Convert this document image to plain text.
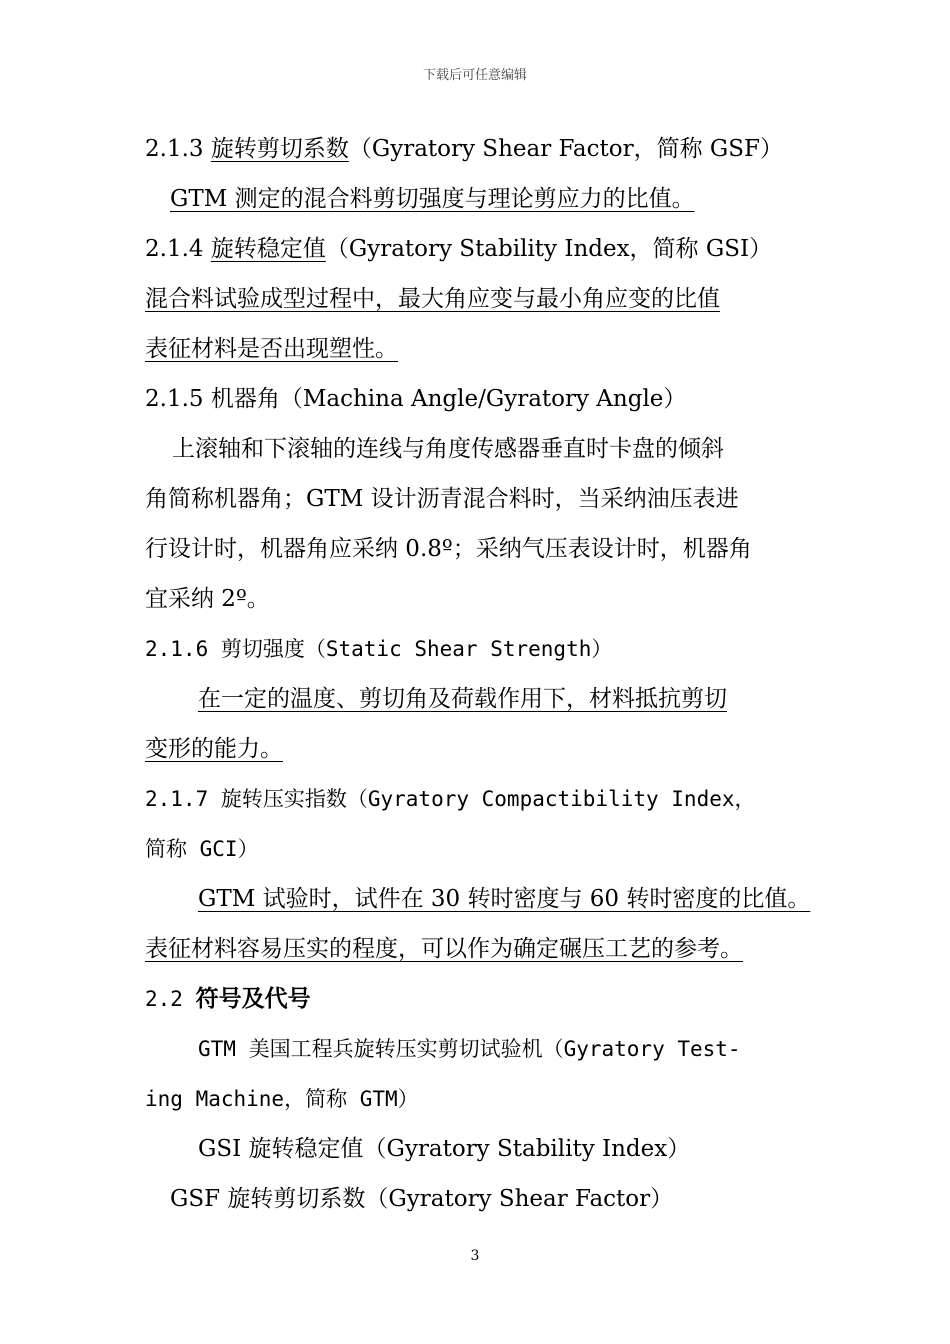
下载后可任意编辑
2.1.3 旋转剪切系数（Gyratory Shear Factor，简称 GSF）
GTM 测定的混合料剪切强度与理论剪应力的比值。
2.1.4 旋转稳定值（Gyratory Stability Index，简称 GSI）
混合料试验成型过程中，最大角应变与最小角应变的比值
表征材料是否出现塑性。
2.1.5 机器角（Machina Angle/Gyratory Angle）
上滚轴和下滚轴的连线与角度传感器垂直时卡盘的倾斜
角简称机器角；GTM 设计沥青混合料时，当采纳油压表进
行设计时，机器角应采纳 0.8º；采纳气压表设计时，机器角
宜采纳 2º。
2.1.6 剪切强度（Static Shear Strength）
在一定的温度、剪切角及荷载作用下，材料抵抗剪切
变形的能力。
2.1.7 旋转压实指数（Gyratory Compactibility Index，
简称 GCI）
GTM 试验时，试件在 30 转时密度与 60 转时密度的比值。
表征材料容易压实的程度，可以作为确定碾压工艺的参考。
2.2 符号及代号
GTM 美国工程兵旋转压实剪切试验机（Gyratory Test-
ing Machine，简称 GTM）
GSI 旋转稳定值（Gyratory Stability Index）
GSF 旋转剪切系数（Gyratory Shear Factor）
3
